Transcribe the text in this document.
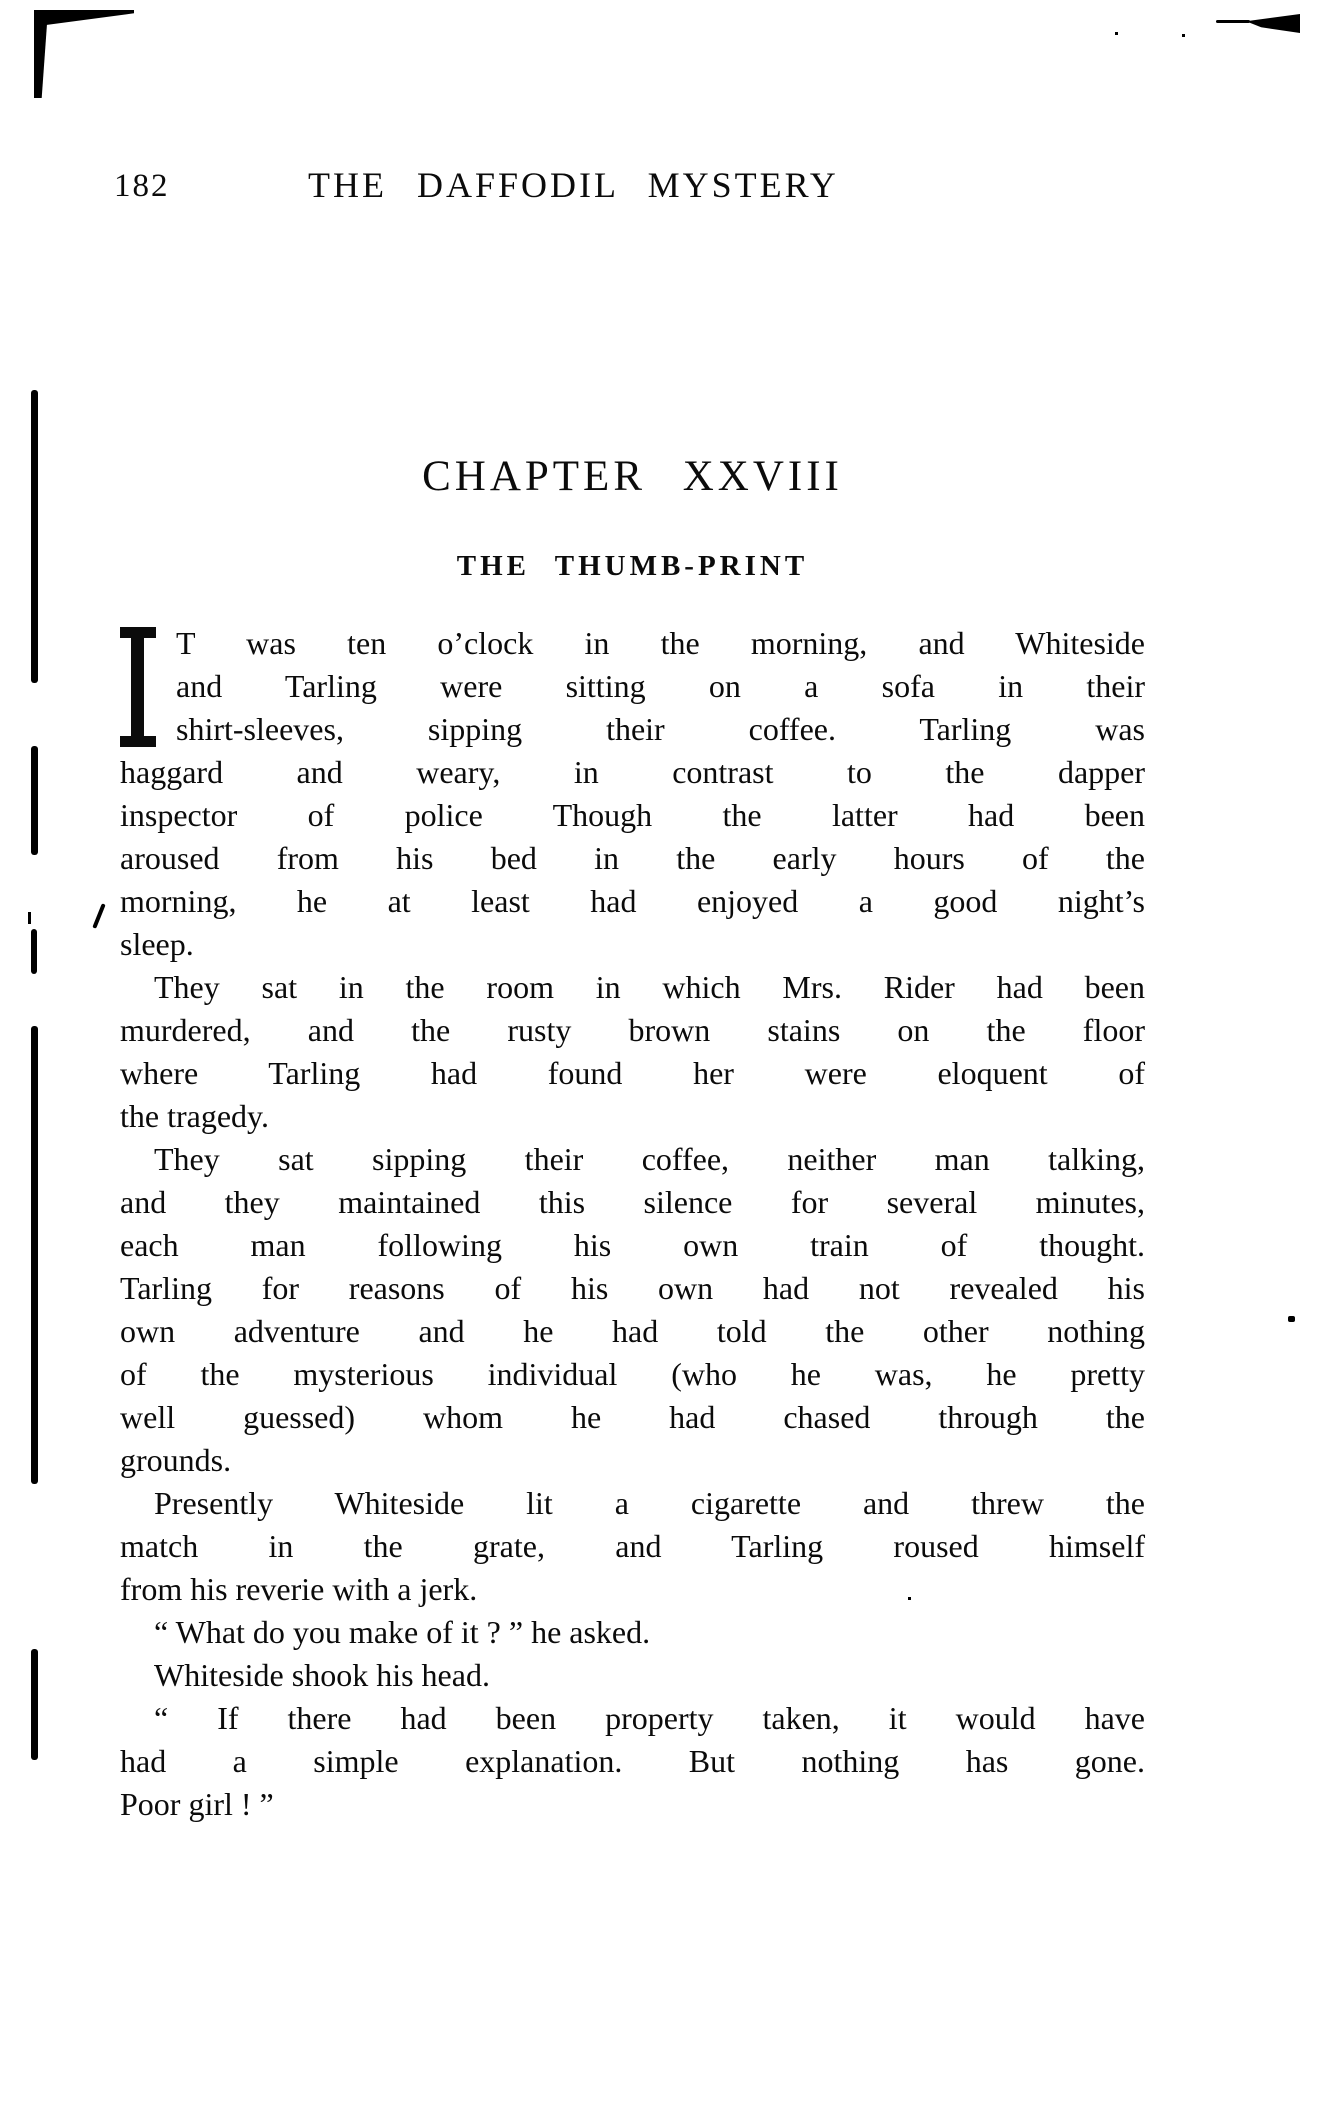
182	THE DAFFODIL MYSTERY
CHAPTER XXVIII
THE THUMB-PRINT
T was ten o’clock in the morning, and Whiteside
and Tarling were sitting on a sofa in their
shirt-sleeves, sipping their coffee. Tarling was
haggard and weary, in contrast to the dapper
inspector of police Though the latter had been
aroused from his bed in the early hours of the
morning, he at least had enjoyed a good night’s
sleep.
They sat in the room in which Mrs. Rider had been
murdered, and the rusty brown stains on the floor
where Tarling had found her were eloquent of
the tragedy.
They sat sipping their coffee, neither man talking,
and they maintained this silence for several minutes,
each man following his own train of thought.
Tarling for reasons of his own had not revealed his
own adventure and he had told the other nothing
of the mysterious individual (who he was, he pretty
well guessed) whom he had chased through the
grounds.
Presently Whiteside lit a cigarette and threw the
match in the grate, and Tarling roused himself
from his reverie with a jerk.
“ What do you make of it ? ” he asked.
Whiteside shook his head.
“ If there had been property taken, it would have
had a simple explanation. But nothing has gone.
Poor girl ! ”
